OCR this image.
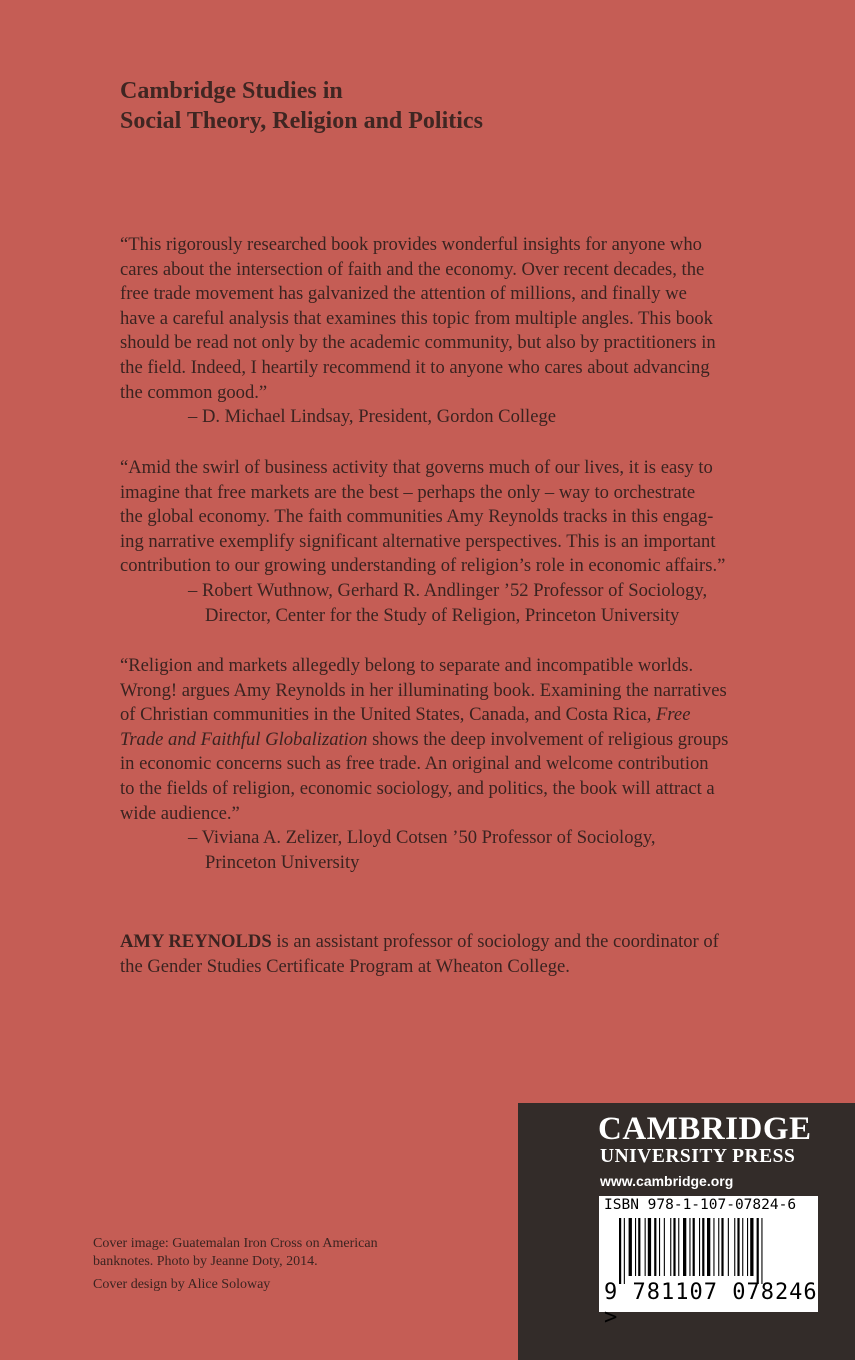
Cambridge Studies in
Social Theory, Religion and Politics
“This rigorously researched book provides wonderful insights for anyone who
cares about the intersection of faith and the economy. Over recent decades, the
free trade movement has galvanized the attention of millions, and finally we
have a careful analysis that examines this topic from multiple angles. This book
should be read not only by the academic community, but also by practitioners in
the field. Indeed, I heartily recommend it to anyone who cares about advancing
the common good.”
– D. Michael Lindsay, President, Gordon College
“Amid the swirl of business activity that governs much of our lives, it is easy to
imagine that free markets are the best – perhaps the only – way to orchestrate
the global economy. The faith communities Amy Reynolds tracks in this engag-
ing narrative exemplify significant alternative perspectives. This is an important
contribution to our growing understanding of religion’s role in economic affairs.”
– Robert Wuthnow, Gerhard R. Andlinger ’52 Professor of Sociology,
Director, Center for the Study of Religion, Princeton University
“Religion and markets allegedly belong to separate and incompatible worlds.
Wrong! argues Amy Reynolds in her illuminating book. Examining the narratives
of Christian communities in the United States, Canada, and Costa Rica, Free
Trade and Faithful Globalization shows the deep involvement of religious groups
in economic concerns such as free trade. An original and welcome contribution
to the fields of religion, economic sociology, and politics, the book will attract a
wide audience.”
– Viviana A. Zelizer, Lloyd Cotsen ’50 Professor of Sociology,
Princeton University
AMY REYNOLDS is an assistant professor of sociology and the coordinator of
the Gender Studies Certificate Program at Wheaton College.
Cover image: Guatemalan Iron Cross on American
banknotes. Photo by Jeanne Doty, 2014.
Cover design by Alice Soloway
CAMBRIDGE
UNIVERSITY PRESS
www.cambridge.org
ISBN 978-1-107-07824-6
9 781107 078246 >
